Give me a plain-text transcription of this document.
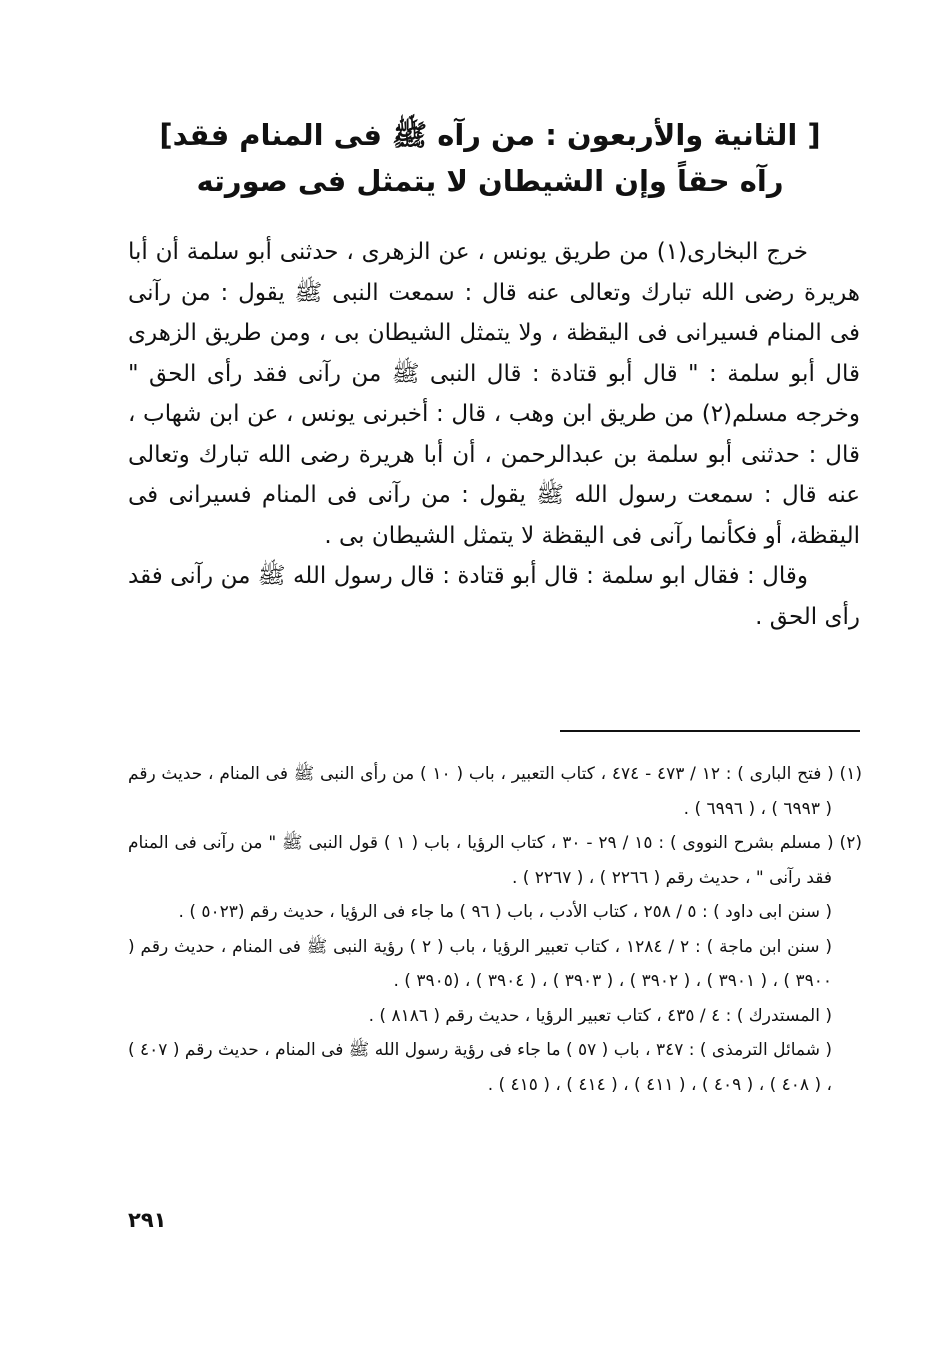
[ الثانية والأربعون : من رآه ﷺ فى المنام فقد]
رآه حقاً وإن الشيطان لا يتمثل فى صورته

خرج البخارى(١) من طريق يونس ، عن الزهرى ، حدثنى أبو سلمة أن أبا هريرة رضى الله تبارك وتعالى عنه قال : سمعت النبى ﷺ يقول : من رآنى فى المنام فسيرانى فى اليقظة ، ولا يتمثل الشيطان بى ، ومن طريق الزهرى قال أبو سلمة : " قال أبو قتادة : قال النبى ﷺ من رآنى فقد رأى الحق " وخرجه مسلم(٢) من طريق ابن وهب ، قال : أخبرنى يونس ، عن ابن شهاب ، قال : حدثنى أبو سلمة بن عبدالرحمن ، أن أبا هريرة رضى الله تبارك وتعالى عنه قال : سمعت رسول الله ﷺ يقول : من رآنى فى المنام فسيرانى فى اليقظة، أو فكأنما رآنى فى اليقظة لا يتمثل الشيطان بى .

وقال : فقال ابو سلمة : قال أبو قتادة : قال رسول الله ﷺ من رآنى فقد رأى الحق .

(١) ( فتح البارى ) : ١٢ / ٤٧٣ - ٤٧٤ ، كتاب التعبير ، باب ( ١٠ ) من رأى النبى ﷺ فى المنام ، حديث رقم ( ٦٩٩٣ ) ، ( ٦٩٩٦ ) .

(٢) ( مسلم بشرح النووى ) : ١٥ / ٢٩ - ٣٠ ، كتاب الرؤيا ، باب ( ١ ) قول النبى ﷺ " من رآنى فى المنام فقد رآنى " ، حديث رقم ( ٢٢٦٦ ) ، ( ٢٢٦٧ ) .

( سنن ابى داود ) : ٥ / ٢٥٨ ، كتاب الأدب ، باب ( ٩٦ ) ما جاء فى الرؤيا ، حديث رقم (٥٠٢٣ ) .

( سنن ابن ماجة ) : ٢ / ١٢٨٤ ، كتاب تعبير الرؤيا ، باب ( ٢ ) رؤية النبى ﷺ فى المنام ، حديث رقم ( ٣٩٠٠ ) ، ( ٣٩٠١ ) ، ( ٣٩٠٢ ) ، ( ٣٩٠٣ ) ، ( ٣٩٠٤ ) ، (٣٩٠٥ ) .

( المستدرك ) : ٤ / ٤٣٥ ، كتاب تعبير الرؤيا ، حديث رقم ( ٨١٨٦ ) .

( شمائل الترمذى ) : ٣٤٧ ، باب ( ٥٧ ) ما جاء فى رؤية رسول الله ﷺ فى المنام ، حديث رقم ( ٤٠٧ ) ، ( ٤٠٨ ) ، ( ٤٠٩ ) ، ( ٤١١ ) ، ( ٤١٤ ) ، ( ٤١٥ ) .

٢٩١
